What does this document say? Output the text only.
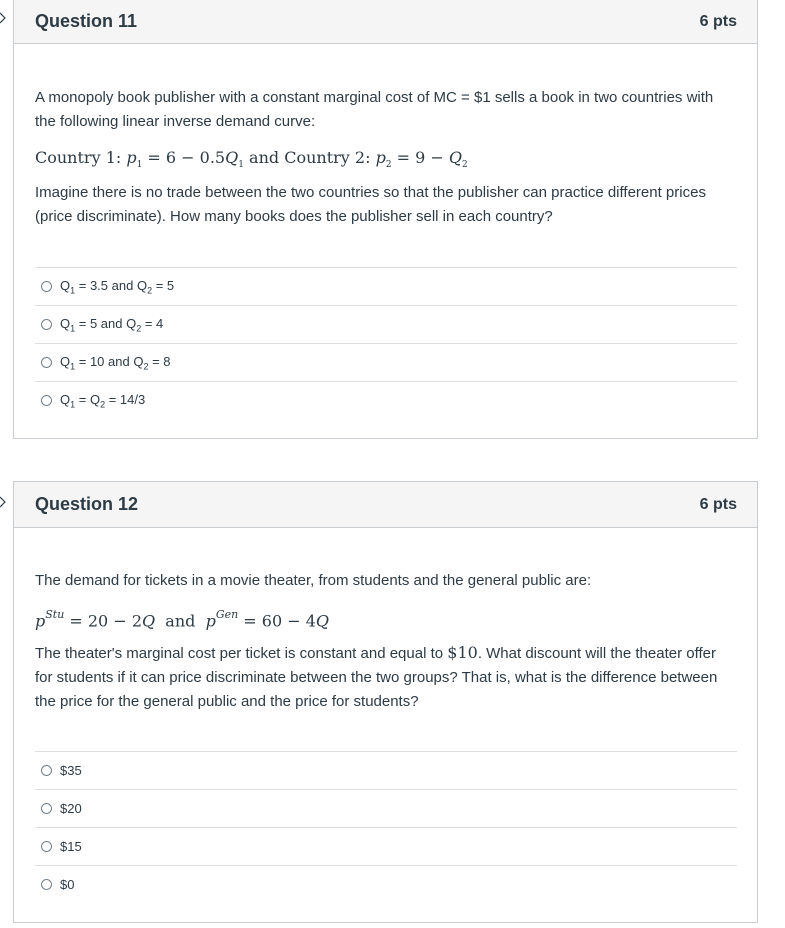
Question 11	6 pts
A monopoly book publisher with a constant marginal cost of MC = $1 sells a book in two countries with the following linear inverse demand curve:
Country 1: $p_1 = 6 - 0.5Q_1$ and Country 2: $p_2 = 9 - Q_2$
Imagine there is no trade between the two countries so that the publisher can practice different prices (price discriminate). How many books does the publisher sell in each country?
$Q_1 = 3.5$ and $Q_2 = 5$
$Q_1 = 5$ and $Q_2 = 4$
$Q_1 = 10$ and $Q_2 = 8$
$Q_1 = Q_2 = 14/3$
Question 12	6 pts
The demand for tickets in a movie theater, from students and the general public are:
$p^{Stu} = 20 - 2Q$  and  $p^{Gen} = 60 - 4Q$
The theater's marginal cost per ticket is constant and equal to $10. What discount will the theater offer for students if it can price discriminate between the two groups? That is, what is the difference between the price for the general public and the price for students?
$35
$20
$15
$0
